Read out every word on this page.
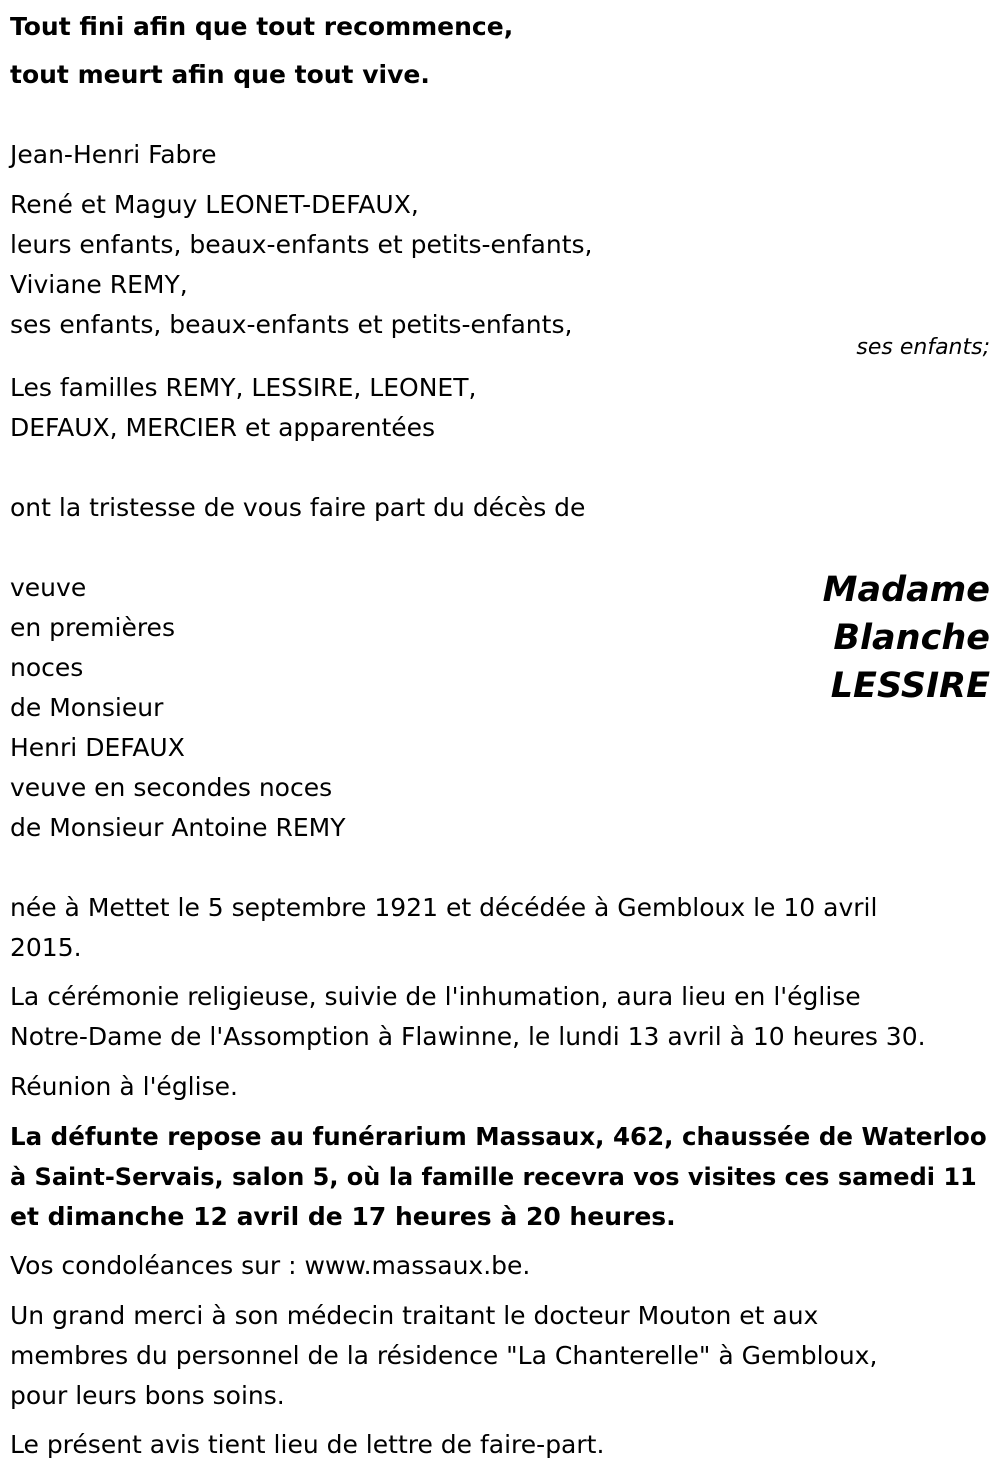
Tout fini afin que tout recommence,
tout meurt afin que tout vive.
Jean-Henri Fabre
René et Maguy LEONET-DEFAUX,
leurs enfants, beaux-enfants et petits-enfants,
Viviane REMY,
ses enfants, beaux-enfants et petits-enfants,
ses enfants;
Les familles REMY, LESSIRE, LEONET,
DEFAUX, MERCIER et apparentées
ont la tristesse de vous faire part du décès de
Madame
Blanche
LESSIRE
veuve
en premières
noces
de Monsieur
Henri DEFAUX
veuve en secondes noces
de Monsieur Antoine REMY
née à Mettet le 5 septembre 1921 et décédée à Gembloux le 10 avril
2015.
La cérémonie religieuse, suivie de l'inhumation, aura lieu en l'église
Notre-Dame de l'Assomption à Flawinne, le lundi 13 avril à 10 heures 30.
Réunion à l'église.
La défunte repose au funérarium Massaux, 462, chaussée de Waterloo
à Saint-Servais, salon 5, où la famille recevra vos visites ces samedi 11
et dimanche 12 avril de 17 heures à 20 heures.
Vos condoléances sur : www.massaux.be.
Un grand merci à son médecin traitant le docteur Mouton et aux
membres du personnel de la résidence "La Chanterelle" à Gembloux,
pour leurs bons soins.
Le présent avis tient lieu de lettre de faire-part.
